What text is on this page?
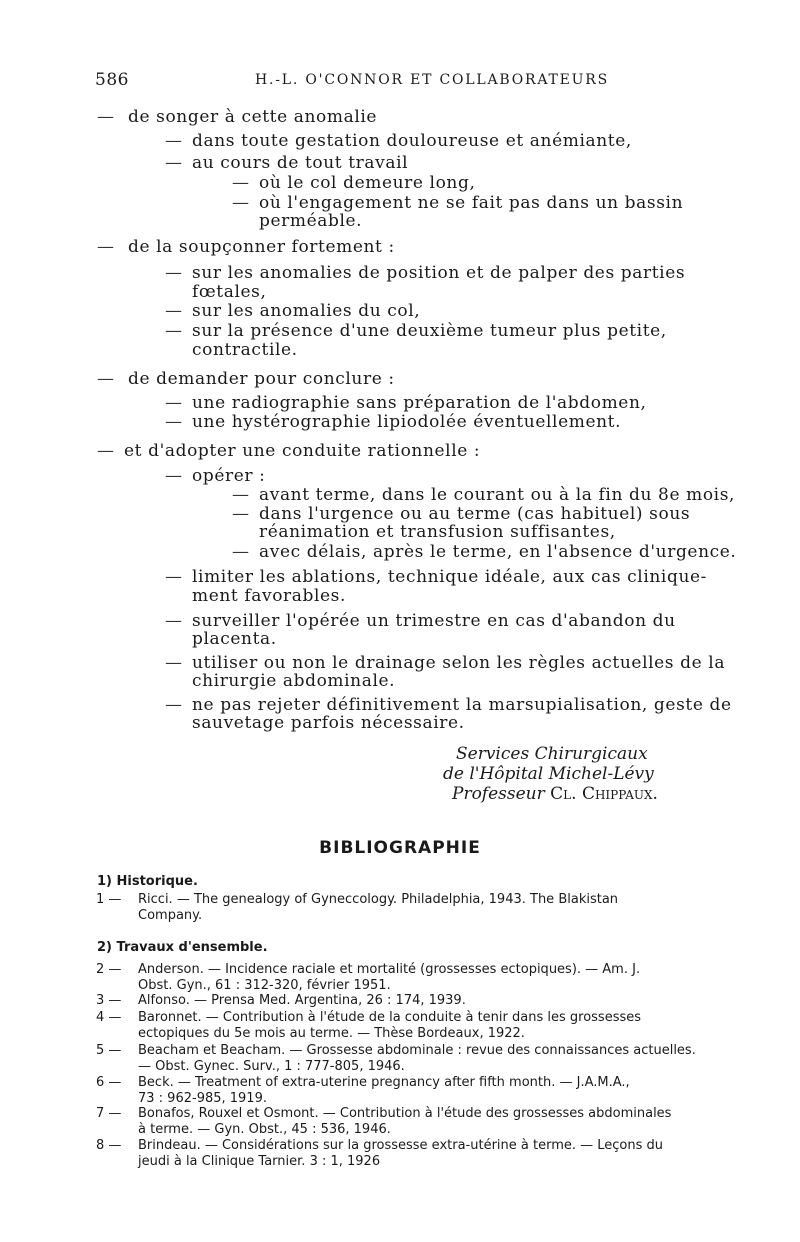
586	H.-L. O'CONNOR ET COLLABORATEURS
— de songer à cette anomalie
— dans toute gestation douloureuse et anémiante,
— au cours de tout travail
— où le col demeure long,
— où l'engagement ne se fait pas dans un bassin
perméable.
— de la soupçonner fortement :
— sur les anomalies de position et de palper des parties
fœtales,
— sur les anomalies du col,
— sur la présence d'une deuxième tumeur plus petite,
contractile.
— de demander pour conclure :
— une radiographie sans préparation de l'abdomen,
— une hystérographie lipiodolée éventuellement.
— et d'adopter une conduite rationnelle :
— opérer :
— avant terme, dans le courant ou à la fin du 8e mois,
— dans l'urgence ou au terme (cas habituel) sous
réanimation et transfusion suffisantes,
— avec délais, après le terme, en l'absence d'urgence.
— limiter les ablations, technique idéale, aux cas clinique-
ment favorables.
— surveiller l'opérée un trimestre en cas d'abandon du
placenta.
— utiliser ou non le drainage selon les règles actuelles de la
chirurgie abdominale.
— ne pas rejeter définitivement la marsupialisation, geste de
sauvetage parfois nécessaire.
Services Chirurgicaux
de l'Hôpital Michel-Lévy
Professeur Cl. Chippaux.
BIBLIOGRAPHIE
1) Historique.
1 — Ricci. — The genealogy of Gyneccology. Philadelphia, 1943. The Blakistan
Company.
2) Travaux d'ensemble.
2 — Anderson. — Incidence raciale et mortalité (grossesses ectopiques). — Am. J.
Obst. Gyn., 61 : 312-320, février 1951.
3 — Alfonso. — Prensa Med. Argentina, 26 : 174, 1939.
4 — Baronnet. — Contribution à l'étude de la conduite à tenir dans les grossesses
ectopiques du 5e mois au terme. — Thèse Bordeaux, 1922.
5 — Beacham et Beacham. — Grossesse abdominale : revue des connaissances actuelles.
— Obst. Gynec. Surv., 1 : 777-805, 1946.
6 — Beck. — Treatment of extra-uterine pregnancy after fifth month. — J.A.M.A.,
73 : 962-985, 1919.
7 — Bonafos, Rouxel et Osmont. — Contribution à l'étude des grossesses abdominales
à terme. — Gyn. Obst., 45 : 536, 1946.
8 — Brindeau. — Considérations sur la grossesse extra-utérine à terme. — Leçons du
jeudi à la Clinique Tarnier. 3 : 1, 1926
